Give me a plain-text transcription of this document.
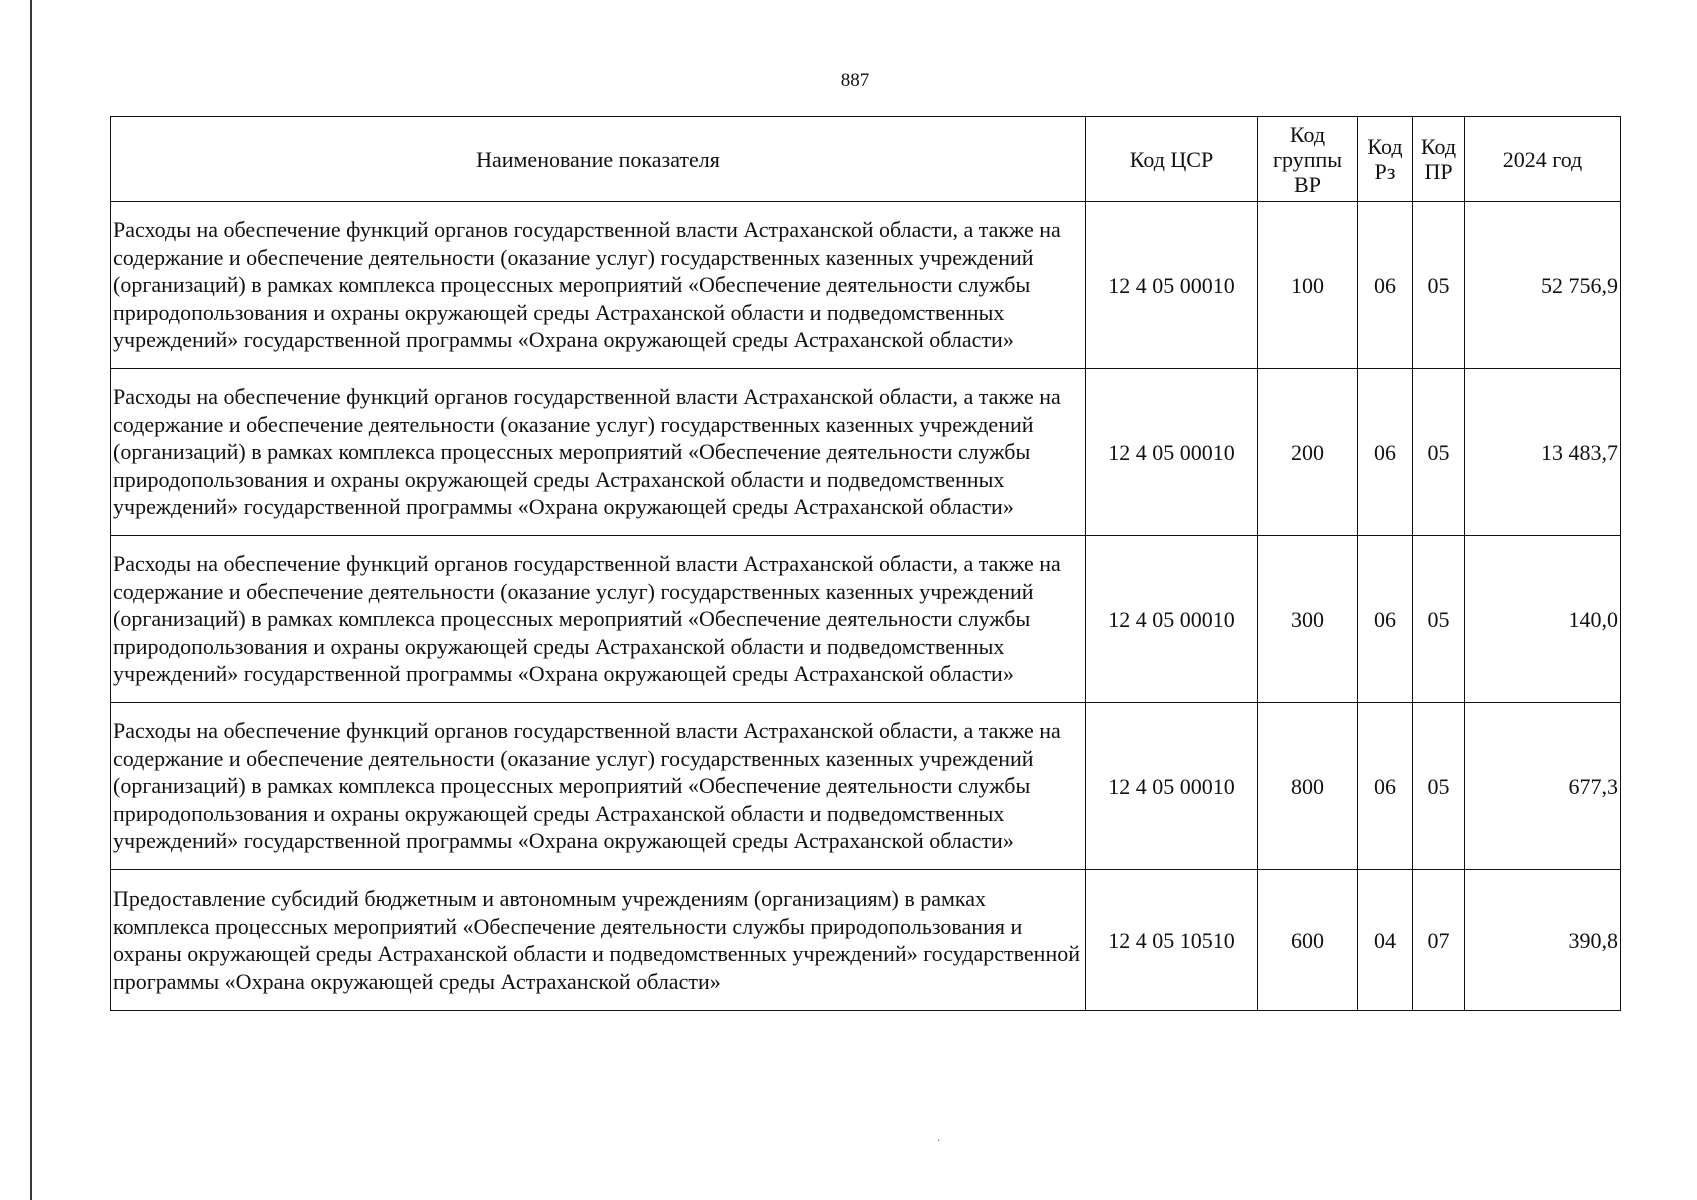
887
Наименование показателя	Код ЦСР	Код группы ВР	Код Рз	Код ПР	2024 год
Расходы на обеспечение функций органов государственной власти Астраханской области, а также на содержание и обеспечение деятельности (оказание услуг) государственных казенных учреждений (организаций) в рамках комплекса процессных мероприятий «Обеспечение деятельности службы природопользования и охраны окружающей среды Астраханской области и подведомственных учреждений» государственной программы «Охрана окружающей среды Астраханской области»	12 4 05 00010	100	06	05	52 756,9
Расходы на обеспечение функций органов государственной власти Астраханской области, а также на содержание и обеспечение деятельности (оказание услуг) государственных казенных учреждений (организаций) в рамках комплекса процессных мероприятий «Обеспечение деятельности службы природопользования и охраны окружающей среды Астраханской области и подведомственных учреждений» государственной программы «Охрана окружающей среды Астраханской области»	12 4 05 00010	200	06	05	13 483,7
Расходы на обеспечение функций органов государственной власти Астраханской области, а также на содержание и обеспечение деятельности (оказание услуг) государственных казенных учреждений (организаций) в рамках комплекса процессных мероприятий «Обеспечение деятельности службы природопользования и охраны окружающей среды Астраханской области и подведомственных учреждений» государственной программы «Охрана окружающей среды Астраханской области»	12 4 05 00010	300	06	05	140,0
Расходы на обеспечение функций органов государственной власти Астраханской области, а также на содержание и обеспечение деятельности (оказание услуг) государственных казенных учреждений (организаций) в рамках комплекса процессных мероприятий «Обеспечение деятельности службы природопользования и охраны окружающей среды Астраханской области и подведомственных учреждений» государственной программы «Охрана окружающей среды Астраханской области»	12 4 05 00010	800	06	05	677,3
Предоставление субсидий бюджетным и автономным учреждениям (организациям) в рамках комплекса процессных мероприятий «Обеспечение деятельности службы природопользования и охраны окружающей среды Астраханской области и подведомственных учреждений» государственной программы «Охрана окружающей среды Астраханской области»	12 4 05 10510	600	04	07	390,8
·
